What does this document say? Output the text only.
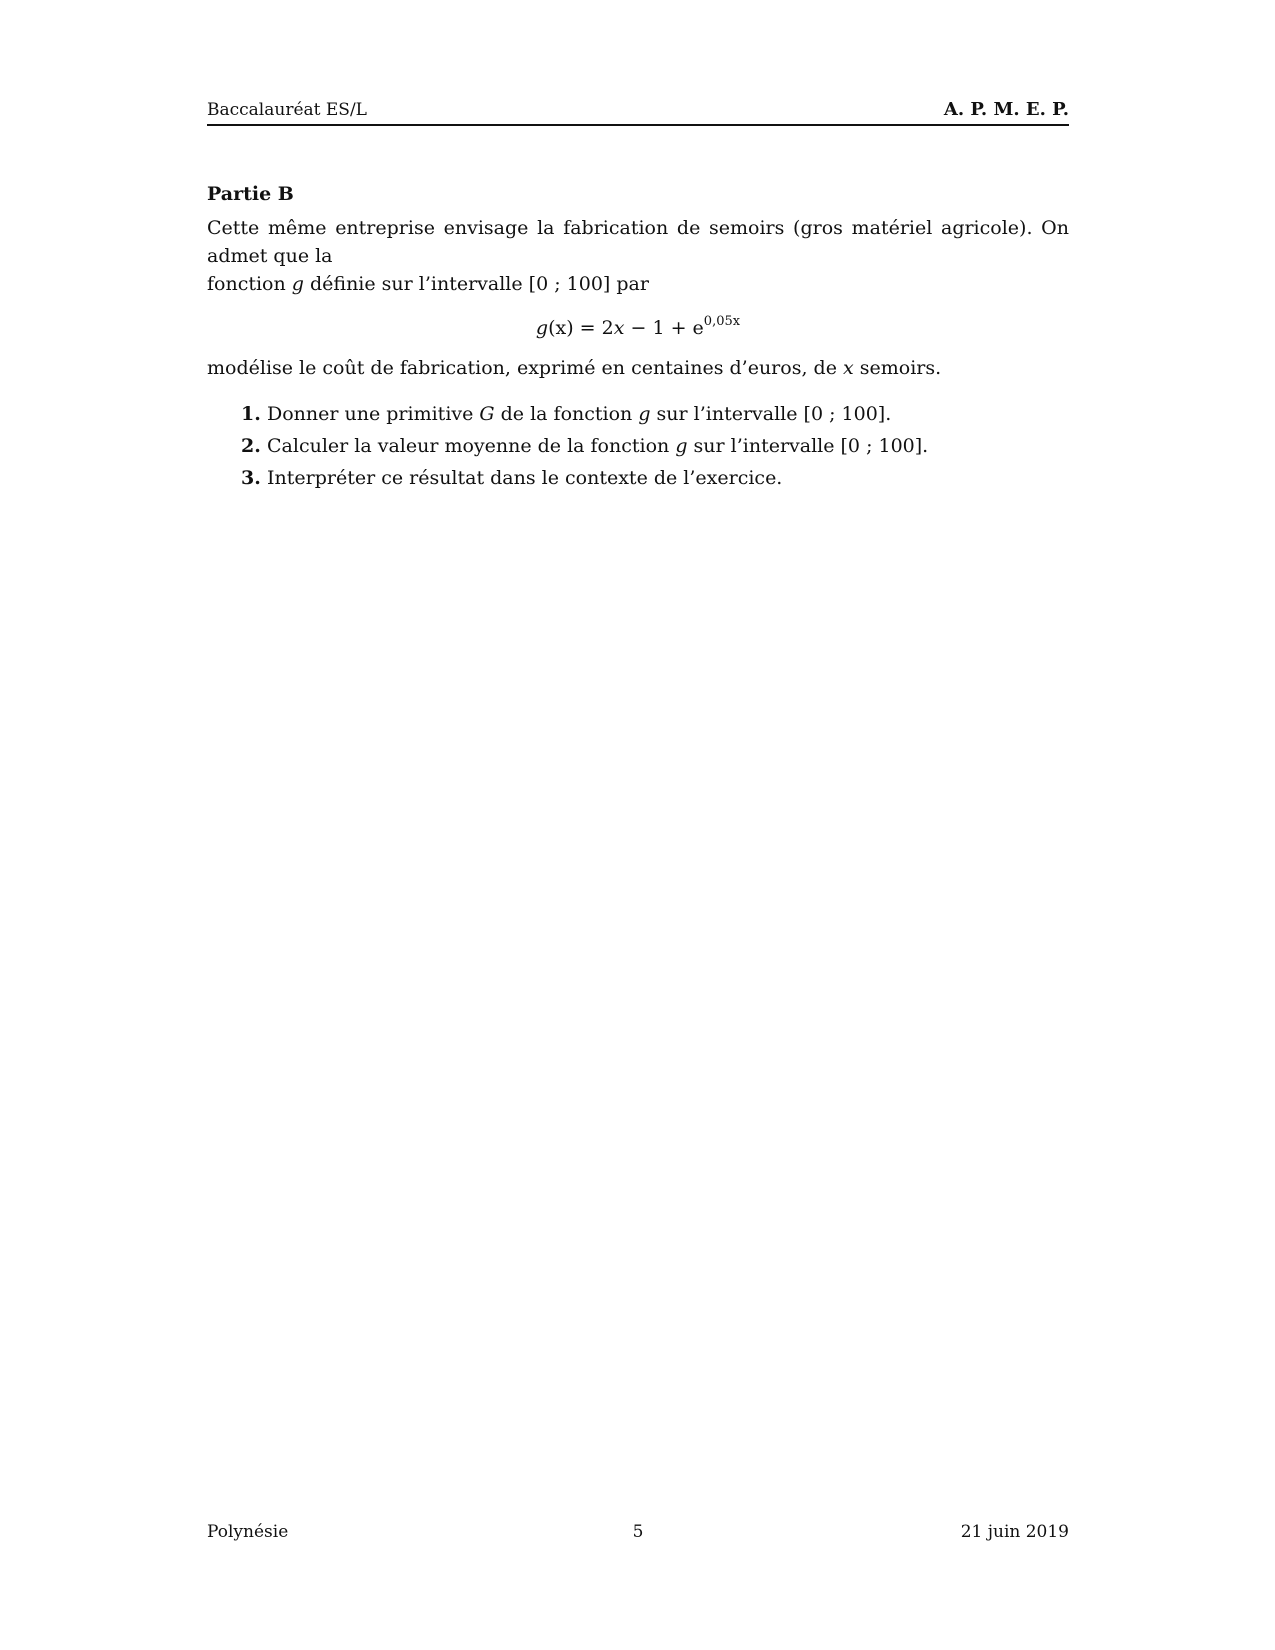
Baccalauréat ES/L	A. P. M. E. P.
Partie B

Cette même entreprise envisage la fabrication de semoirs (gros matériel agricole). On admet que la
fonction g définie sur l’intervalle [0 ; 100] par

$g(x) = 2x - 1 + e^{0,05x}$

modélise le coût de fabrication, exprimé en centaines d’euros, de x semoirs.

1. Donner une primitive G de la fonction g sur l’intervalle [0 ; 100].
2. Calculer la valeur moyenne de la fonction g sur l’intervalle [0 ; 100].
3. Interpréter ce résultat dans le contexte de l’exercice.
Polynésie	5	21 juin 2019
